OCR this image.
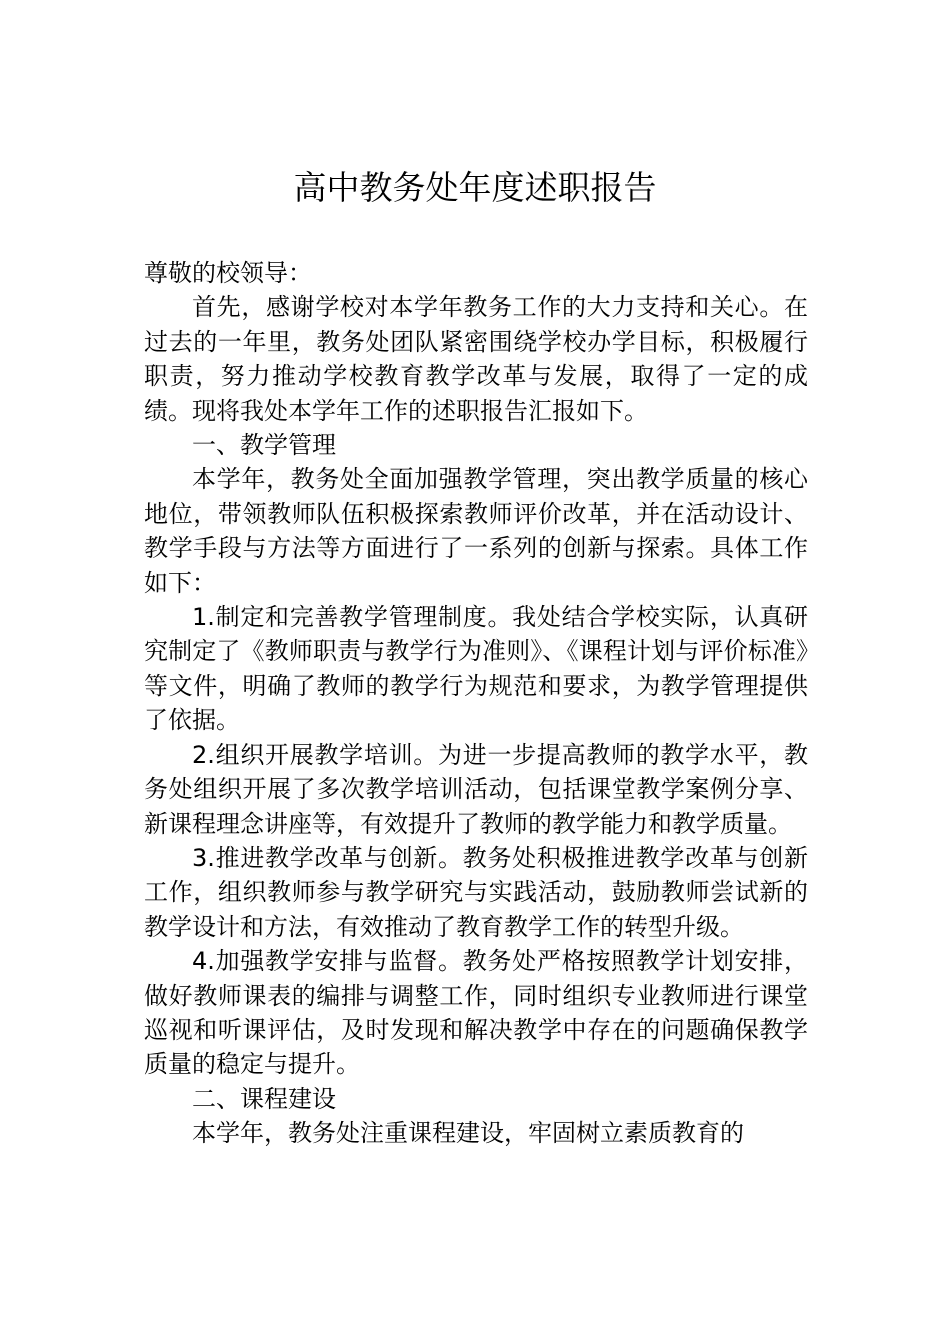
高中教务处年度述职报告

尊敬的校领导：

首先，感谢学校对本学年教务工作的大力支持和关心。在过去的一年里，教务处团队紧密围绕学校办学目标，积极履行职责，努力推动学校教育教学改革与发展，取得了一定的成绩。现将我处本学年工作的述职报告汇报如下。

一、教学管理

本学年，教务处全面加强教学管理，突出教学质量的核心地位，带领教师队伍积极探索教师评价改革，并在活动设计、教学手段与方法等方面进行了一系列的创新与探索。具体工作如下：

1.制定和完善教学管理制度。我处结合学校实际，认真研究制定了《教师职责与教学行为准则》、《课程计划与评价标准》等文件，明确了教师的教学行为规范和要求，为教学管理提供了依据。

2.组织开展教学培训。为进一步提高教师的教学水平，教务处组织开展了多次教学培训活动，包括课堂教学案例分享、新课程理念讲座等，有效提升了教师的教学能力和教学质量。

3.推进教学改革与创新。教务处积极推进教学改革与创新工作，组织教师参与教学研究与实践活动，鼓励教师尝试新的教学设计和方法，有效推动了教育教学工作的转型升级。

4.加强教学安排与监督。教务处严格按照教学计划安排，做好教师课表的编排与调整工作，同时组织专业教师进行课堂巡视和听课评估，及时发现和解决教学中存在的问题确保教学质量的稳定与提升。

二、课程建设

本学年，教务处注重课程建设，牢固树立素质教育的
